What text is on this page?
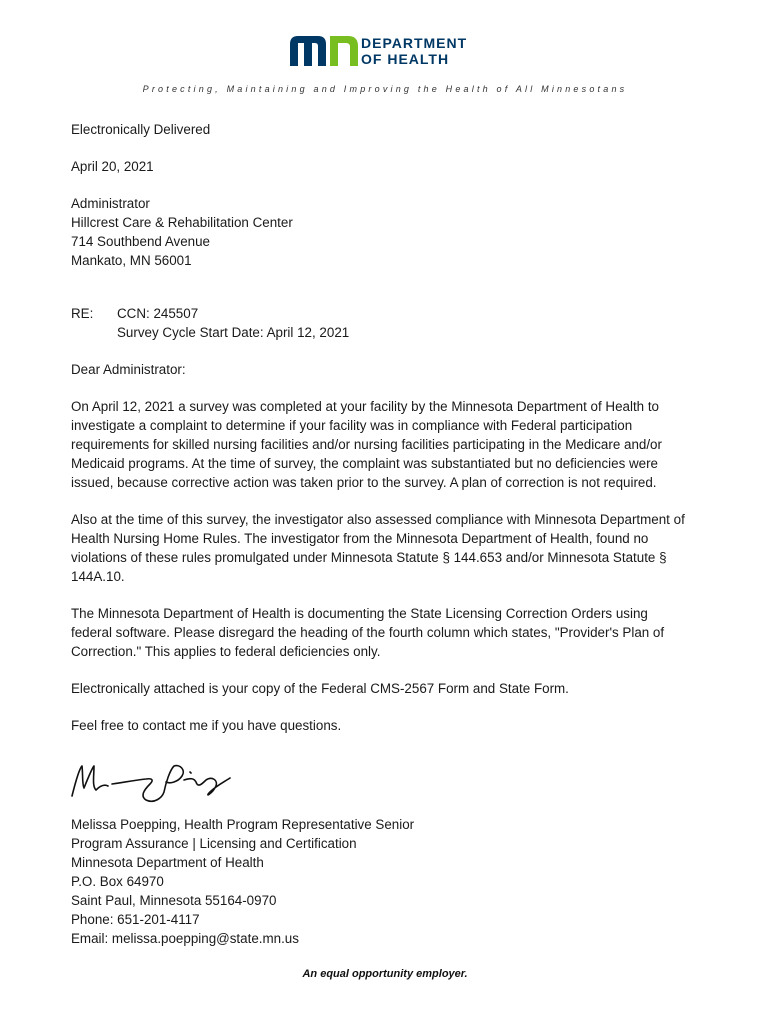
DEPARTMENT
OF HEALTH
Protecting, Maintaining and Improving the Health of All Minnesotans
Electronically Delivered
April 20, 2021
Administrator
Hillcrest Care & Rehabilitation Center
714 Southbend Avenue
Mankato, MN 56001
RE:	CCN: 245507
Survey Cycle Start Date: April 12, 2021
Dear Administrator:
On April 12, 2021 a survey was completed at your facility by the Minnesota Department of Health to investigate a complaint to determine if your facility was in compliance with Federal participation requirements for skilled nursing facilities and/or nursing facilities participating in the Medicare and/or Medicaid programs. At the time of survey, the complaint was substantiated but no deficiencies were issued, because corrective action was taken prior to the survey. A plan of correction is not required.
Also at the time of this survey, the investigator also assessed compliance with Minnesota Department of Health Nursing Home Rules. The investigator from the Minnesota Department of Health, found no violations of these rules promulgated under Minnesota Statute § 144.653 and/or Minnesota Statute § 144A.10.
The Minnesota Department of Health is documenting the State Licensing Correction Orders using federal software. Please disregard the heading of the fourth column which states, "Provider's Plan of Correction." This applies to federal deficiencies only.
Electronically attached is your copy of the Federal CMS-2567 Form and State Form.
Feel free to contact me if you have questions.
Melissa Poepping, Health Program Representative Senior
Program Assurance | Licensing and Certification
Minnesota Department of Health
P.O. Box 64970
Saint Paul, Minnesota 55164-0970
Phone: 651-201-4117
Email: melissa.poepping@state.mn.us
An equal opportunity employer.
